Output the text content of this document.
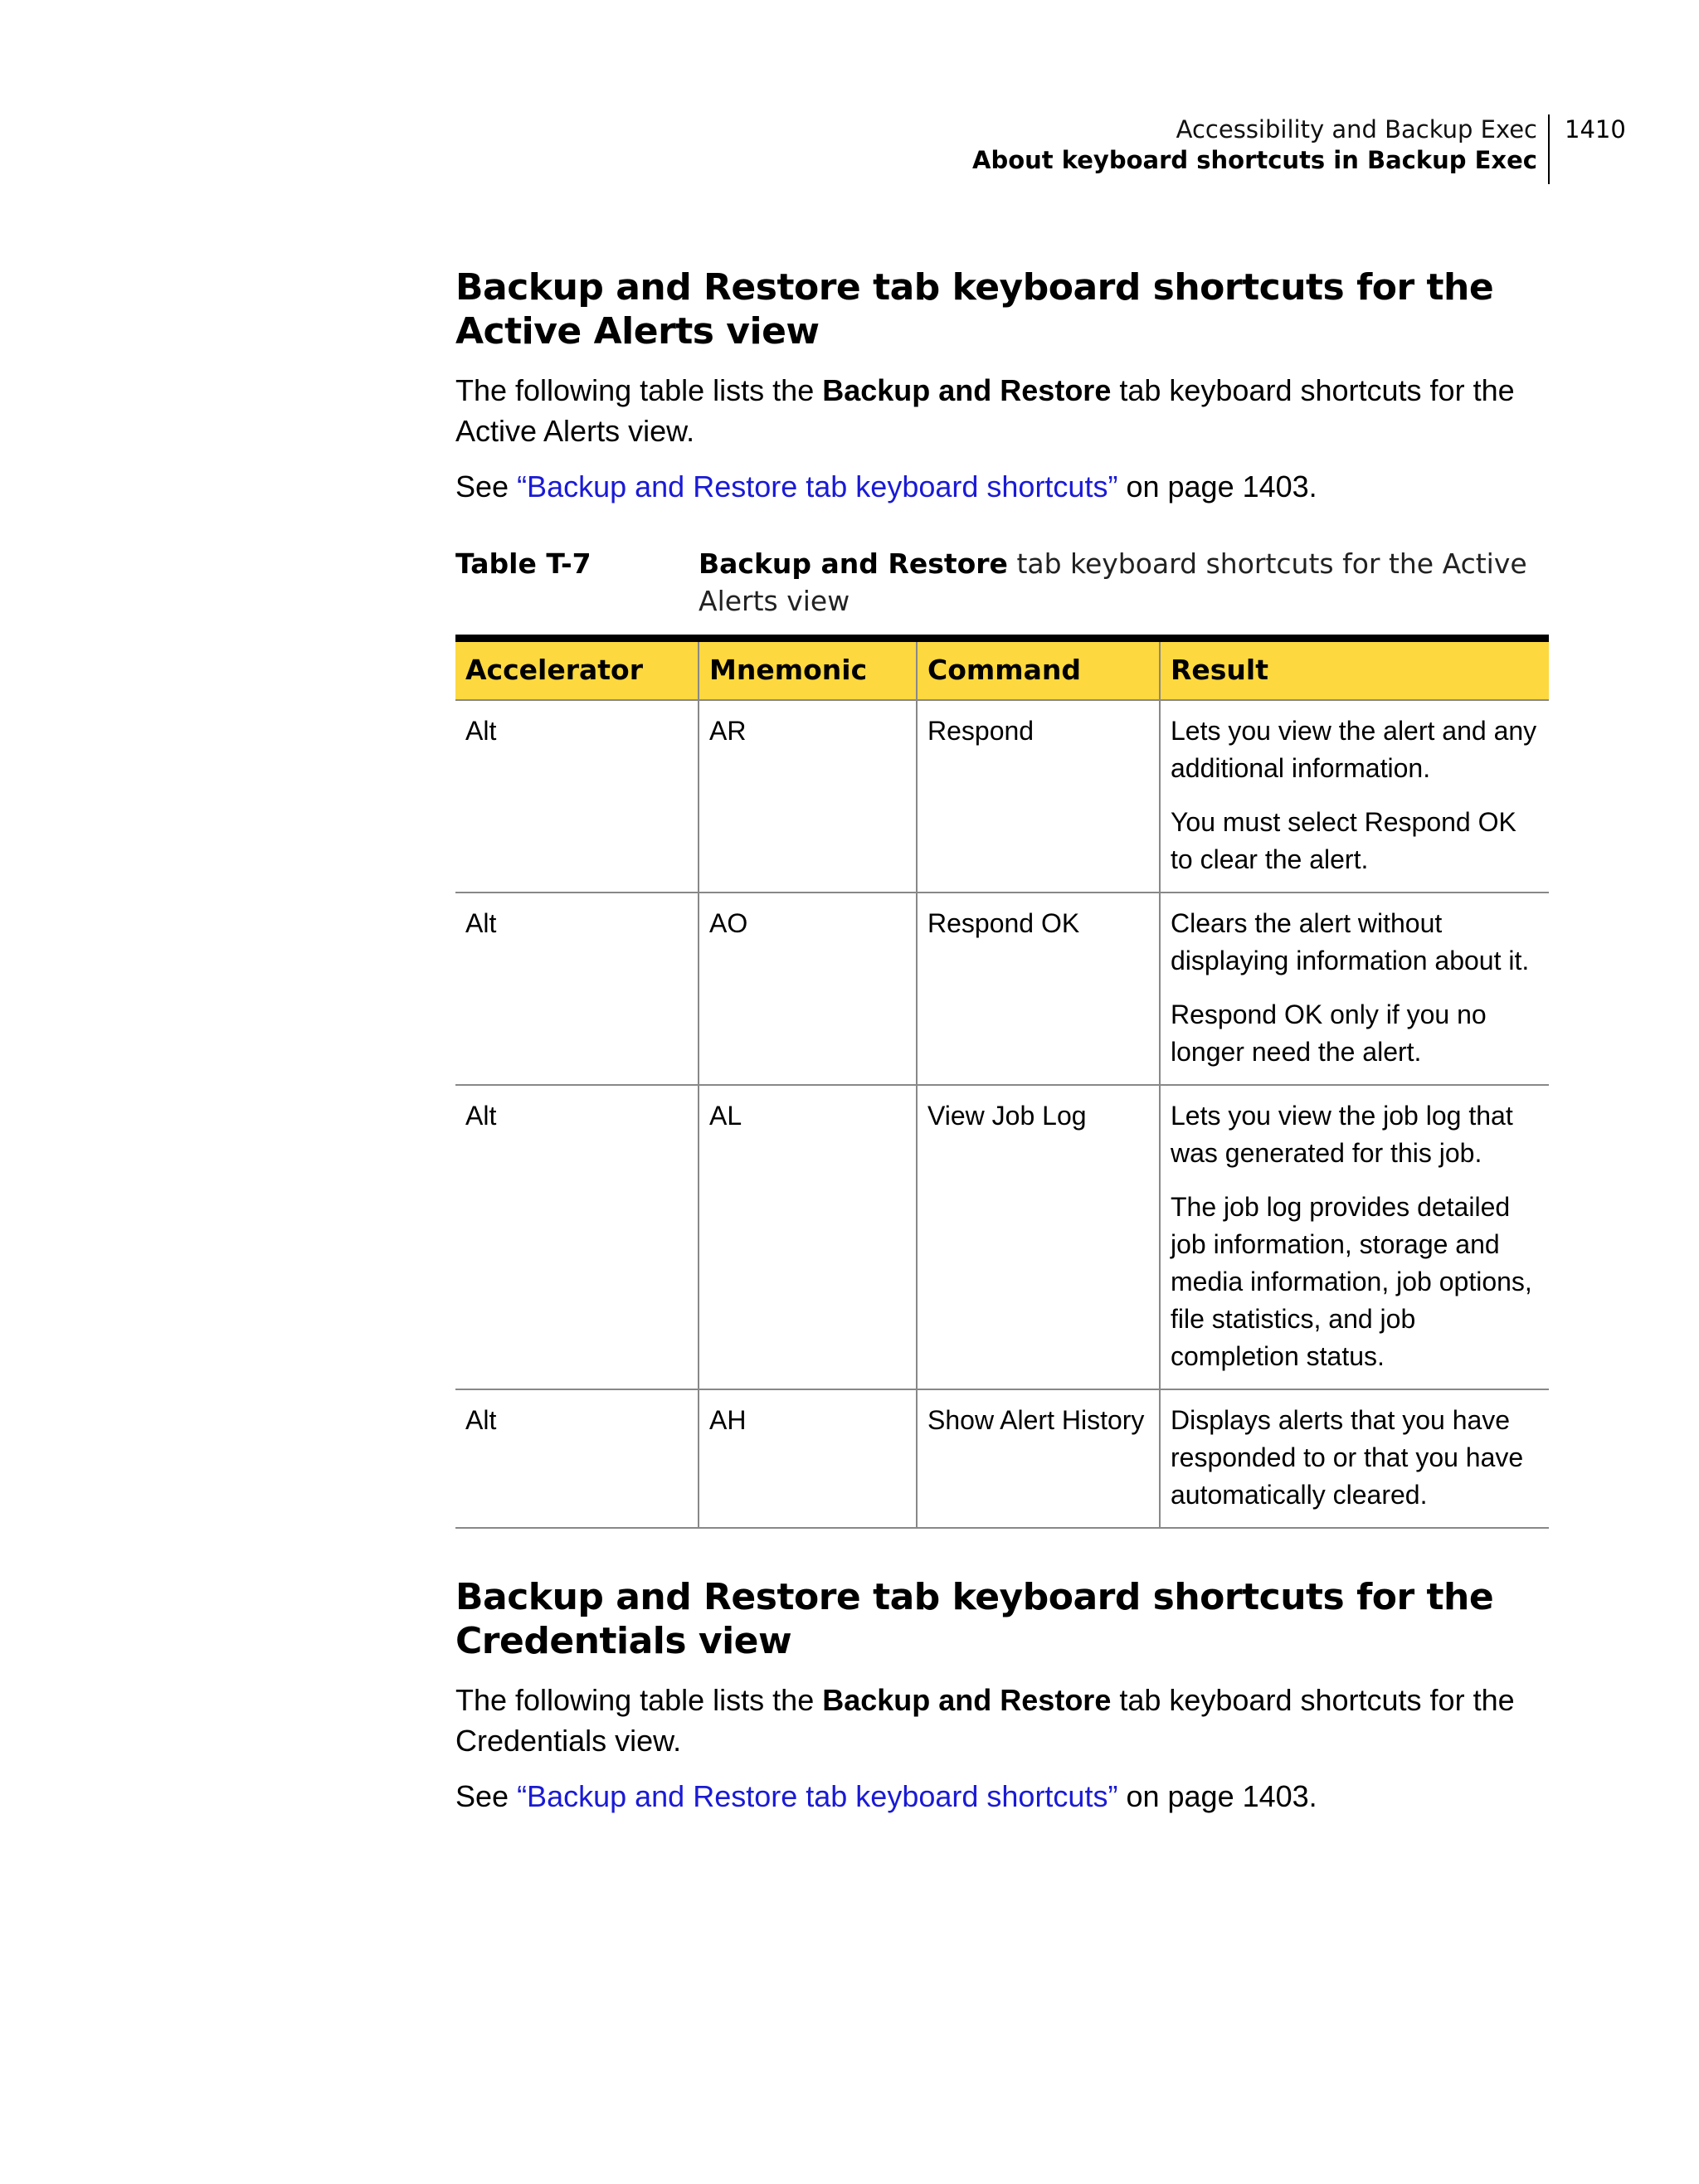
Accessibility and Backup Exec
About keyboard shortcuts in Backup Exec
1410
Backup and Restore tab keyboard shortcuts for the Active Alerts view

The following table lists the Backup and Restore tab keyboard shortcuts for the Active Alerts view.

See “Backup and Restore tab keyboard shortcuts” on page 1403.

Table T-7	Backup and Restore tab keyboard shortcuts for the Active Alerts view
Accelerator	Mnemonic	Command	Result
Alt	AR	Respond	Lets you view the alert and any additional information.
You must select Respond OK to clear the alert.

Alt	AO	Respond OK	Clears the alert without displaying information about it.
Respond OK only if you no longer need the alert.

Alt	AL	View Job Log	Lets you view the job log that was generated for this job.
The job log provides detailed job information, storage and media information, job options, file statistics, and job completion status.

Alt	AH	Show Alert History	Displays alerts that you have responded to or that you have automatically cleared.
Backup and Restore tab keyboard shortcuts for the Credentials view

The following table lists the Backup and Restore tab keyboard shortcuts for the Credentials view.

See “Backup and Restore tab keyboard shortcuts” on page 1403.
